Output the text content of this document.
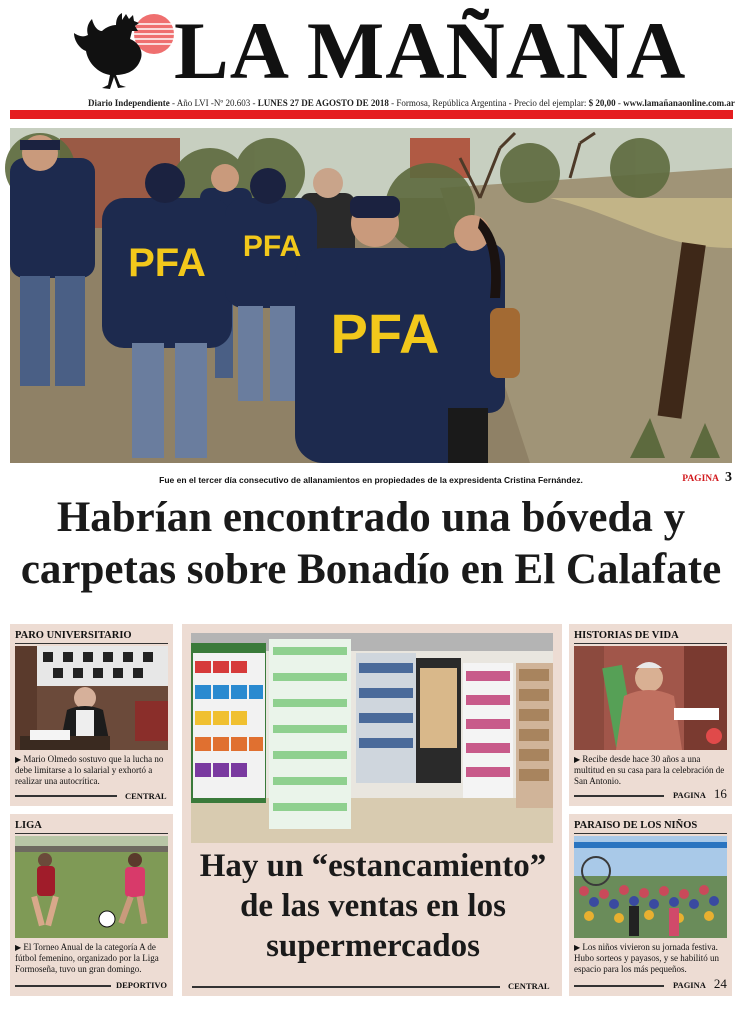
LA MAÑANA
Diario Independiente - Año LVI -Nº 20.603 - LUNES 27 DE AGOSTO DE 2018 - Formosa, República Argentina - Precio del ejemplar: $ 20,00 - www.lamañanaonline.com.ar
PFA PFA
PFA
Fue en el tercer día consecutivo de allanamientos en propiedades de la expresidenta Cristina Fernández.	PAGINA 3
Habrían encontrado una bóveda y carpetas sobre Bonadío en El Calafate
PARO UNIVERSITARIO
▶ Mario Olmedo sostuvo que la lucha no debe limitarse a lo salarial y exhortó a realizar una autocrítica.
CENTRAL
LIGA
▶ El Torneo Anual de la categoría A de fútbol femenino, organizado por la Liga Formoseña, tuvo un gran domingo.
DEPORTIVO
Hay un “estancamiento” de las ventas en los supermercados
CENTRAL
HISTORIAS DE VIDA
▶ Recibe desde hace 30 años a una multitud en su casa para la celebración de San Antonio.
PAGINA 16
PARAISO DE LOS NIÑOS
▶ Los niños vivieron su jornada festiva. Hubo sorteos y payasos, y se habilitó un espacio para los más pequeños.
PAGINA 24
